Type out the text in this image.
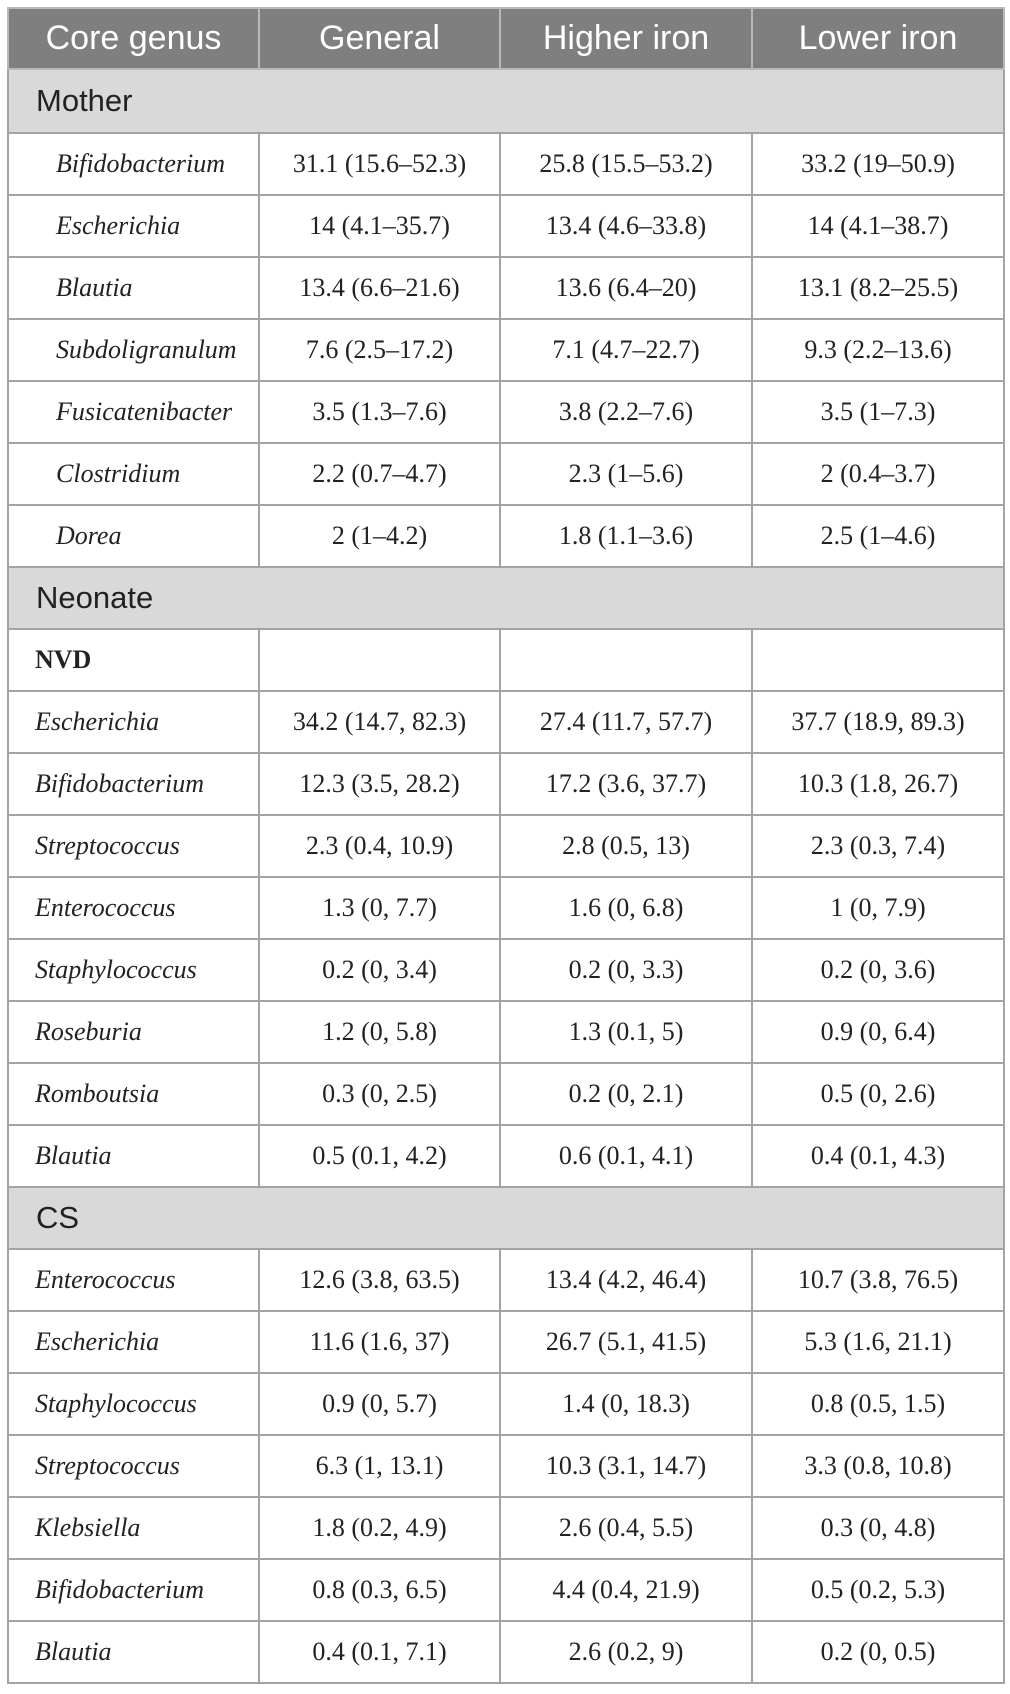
Core genus	General	Higher iron	Lower iron
Mother			
Bifidobacterium	31.1 (15.6–52.3)	25.8 (15.5–53.2)	33.2 (19–50.9)
Escherichia	14 (4.1–35.7)	13.4 (4.6–33.8)	14 (4.1–38.7)
Blautia	13.4 (6.6–21.6)	13.6 (6.4–20)	13.1 (8.2–25.5)
Subdoligranulum	7.6 (2.5–17.2)	7.1 (4.7–22.7)	9.3 (2.2–13.6)
Fusicatenibacter	3.5 (1.3–7.6)	3.8 (2.2–7.6)	3.5 (1–7.3)
Clostridium	2.2 (0.7–4.7)	2.3 (1–5.6)	2 (0.4–3.7)
Dorea	2 (1–4.2)	1.8 (1.1–3.6)	2.5 (1–4.6)
Neonate			
NVD			
Escherichia	34.2 (14.7, 82.3)	27.4 (11.7, 57.7)	37.7 (18.9, 89.3)
Bifidobacterium	12.3 (3.5, 28.2)	17.2 (3.6, 37.7)	10.3 (1.8, 26.7)
Streptococcus	2.3 (0.4, 10.9)	2.8 (0.5, 13)	2.3 (0.3, 7.4)
Enterococcus	1.3 (0, 7.7)	1.6 (0, 6.8)	1 (0, 7.9)
Staphylococcus	0.2 (0, 3.4)	0.2 (0, 3.3)	0.2 (0, 3.6)
Roseburia	1.2 (0, 5.8)	1.3 (0.1, 5)	0.9 (0, 6.4)
Romboutsia	0.3 (0, 2.5)	0.2 (0, 2.1)	0.5 (0, 2.6)
Blautia	0.5 (0.1, 4.2)	0.6 (0.1, 4.1)	0.4 (0.1, 4.3)
CS			
Enterococcus	12.6 (3.8, 63.5)	13.4 (4.2, 46.4)	10.7 (3.8, 76.5)
Escherichia	11.6 (1.6, 37)	26.7 (5.1, 41.5)	5.3 (1.6, 21.1)
Staphylococcus	0.9 (0, 5.7)	1.4 (0, 18.3)	0.8 (0.5, 1.5)
Streptococcus	6.3 (1, 13.1)	10.3 (3.1, 14.7)	3.3 (0.8, 10.8)
Klebsiella	1.8 (0.2, 4.9)	2.6 (0.4, 5.5)	0.3 (0, 4.8)
Bifidobacterium	0.8 (0.3, 6.5)	4.4 (0.4, 21.9)	0.5 (0.2, 5.3)
Blautia	0.4 (0.1, 7.1)	2.6 (0.2, 9)	0.2 (0, 0.5)
